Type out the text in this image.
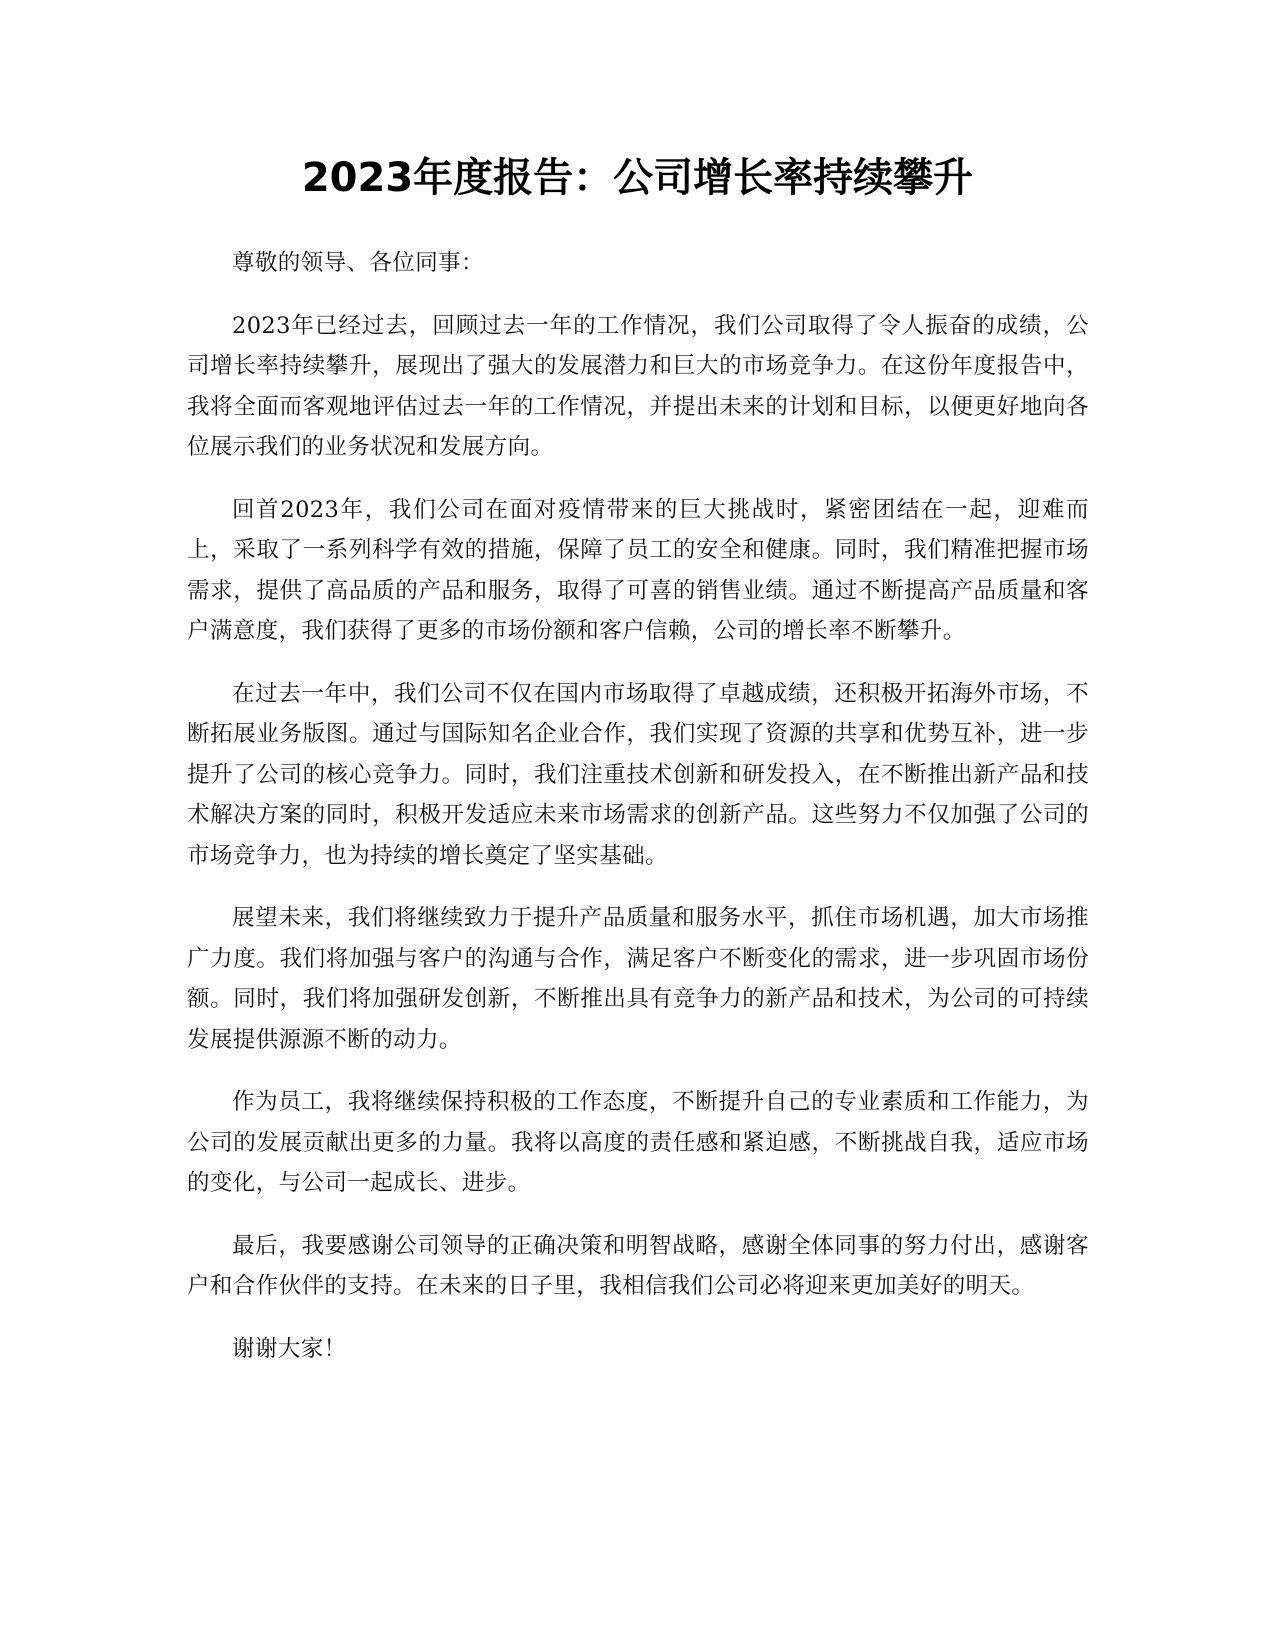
2023年度报告：公司增长率持续攀升

尊敬的领导、各位同事：

2023年已经过去，回顾过去一年的工作情况，我们公司取得了令人振奋的成绩，公司增长率持续攀升，展现出了强大的发展潜力和巨大的市场竞争力。在这份年度报告中，我将全面而客观地评估过去一年的工作情况，并提出未来的计划和目标，以便更好地向各位展示我们的业务状况和发展方向。

回首2023年，我们公司在面对疫情带来的巨大挑战时，紧密团结在一起，迎难而上，采取了一系列科学有效的措施，保障了员工的安全和健康。同时，我们精准把握市场需求，提供了高品质的产品和服务，取得了可喜的销售业绩。通过不断提高产品质量和客户满意度，我们获得了更多的市场份额和客户信赖，公司的增长率不断攀升。

在过去一年中，我们公司不仅在国内市场取得了卓越成绩，还积极开拓海外市场，不断拓展业务版图。通过与国际知名企业合作，我们实现了资源的共享和优势互补，进一步提升了公司的核心竞争力。同时，我们注重技术创新和研发投入，在不断推出新产品和技术解决方案的同时，积极开发适应未来市场需求的创新产品。这些努力不仅加强了公司的市场竞争力，也为持续的增长奠定了坚实基础。

展望未来，我们将继续致力于提升产品质量和服务水平，抓住市场机遇，加大市场推广力度。我们将加强与客户的沟通与合作，满足客户不断变化的需求，进一步巩固市场份额。同时，我们将加强研发创新，不断推出具有竞争力的新产品和技术，为公司的可持续发展提供源源不断的动力。

作为员工，我将继续保持积极的工作态度，不断提升自己的专业素质和工作能力，为公司的发展贡献出更多的力量。我将以高度的责任感和紧迫感，不断挑战自我，适应市场的变化，与公司一起成长、进步。

最后，我要感谢公司领导的正确决策和明智战略，感谢全体同事的努力付出，感谢客户和合作伙伴的支持。在未来的日子里，我相信我们公司必将迎来更加美好的明天。

谢谢大家！
